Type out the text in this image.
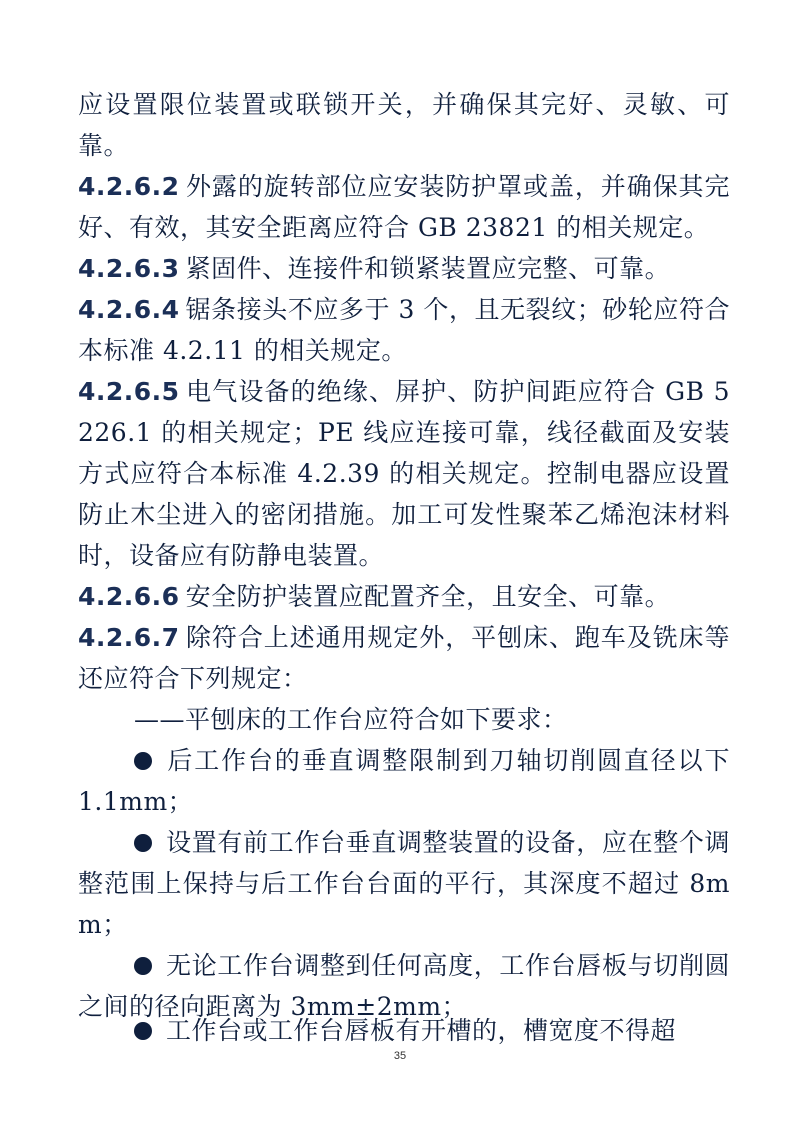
应设置限位装置或联锁开关，并确保其完好、灵敏、可靠。

4.2.6.2 外露的旋转部位应安装防护罩或盖，并确保其完好、有效，其安全距离应符合 GB 23821 的相关规定。

4.2.6.3 紧固件、连接件和锁紧装置应完整、可靠。

4.2.6.4 锯条接头不应多于 3 个，且无裂纹；砂轮应符合本标准 4.2.11 的相关规定。

4.2.6.5 电气设备的绝缘、屏护、防护间距应符合 GB 5226.1 的相关规定；PE 线应连接可靠，线径截面及安装方式应符合本标准 4.2.39 的相关规定。控制电器应设置防止木尘进入的密闭措施。加工可发性聚苯乙烯泡沫材料时，设备应有防静电装置。

4.2.6.6 安全防护装置应配置齐全，且安全、可靠。

4.2.6.7 除符合上述通用规定外，平刨床、跑车及铣床等还应符合下列规定：

——平刨床的工作台应符合如下要求：

后工作台的垂直调整限制到刀轴切削圆直径以下 1.1mm；

设置有前工作台垂直调整装置的设备，应在整个调整范围上保持与后工作台台面的平行，其深度不超过 8mm；

无论工作台调整到任何高度，工作台唇板与切削圆之间的径向距离为 3mm±2mm；

工作台或工作台唇板有开槽的，槽宽度不得超

35
